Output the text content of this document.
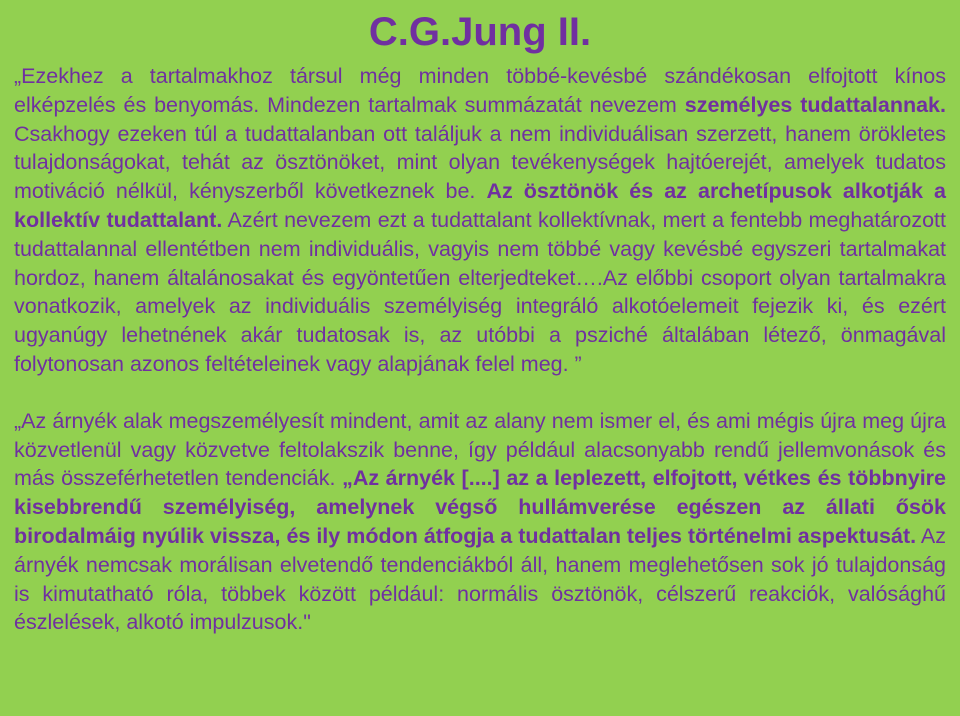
C.G.Jung II.

„Ezekhez a tartalmakhoz társul még minden többé-kevésbé szándékosan elfojtott kínos elképzelés és benyomás. Mindezen tartalmak summázatát nevezem személyes tudattalannak. Csakhogy ezeken túl a tudattalanban ott találjuk a nem individuálisan szerzett, hanem örökletes tulajdonságokat, tehát az ösztönöket, mint olyan tevékenységek hajtóerejét, amelyek tudatos motiváció nélkül, kényszerből következnek be. Az ösztönök és az archetípusok alkotják a kollektív tudattalant. Azért nevezem ezt a tudattalant kollektívnak, mert a fentebb meghatározott tudattalannal ellentétben nem individuális, vagyis nem többé vagy kevésbé egyszeri tartalmakat hordoz, hanem általánosakat és egyöntetűen elterjedteket….Az előbbi csoport olyan tartalmakra vonatkozik, amelyek az individuális személyiség integráló alkotóelemeit fejezik ki, és ezért ugyanúgy lehetnének akár tudatosak is, az utóbbi a psziché általában létező, önmagával folytonosan azonos feltételeinek vagy alapjának felel meg. ”

„Az árnyék alak megszemélyesít mindent, amit az alany nem ismer el, és ami mégis újra meg újra közvetlenül vagy közvetve feltolakszik benne, így például alacsonyabb rendű jellemvonások és más összeférhetetlen tendenciák. „Az árnyék [....] az a leplezett, elfojtott, vétkes és többnyire kisebbrendű személyiség, amelynek végső hullámverése egészen az állati ősök birodalmáig nyúlik vissza, és ily módon átfogja a tudattalan teljes történelmi aspektusát. Az árnyék nemcsak morálisan elvetendő tendenciákból áll, hanem meglehetősen sok jó tulajdonság is kimutatható róla, többek között például: normális ösztönök, célszerű reakciók, valósághű észlelések, alkotó impulzusok."
